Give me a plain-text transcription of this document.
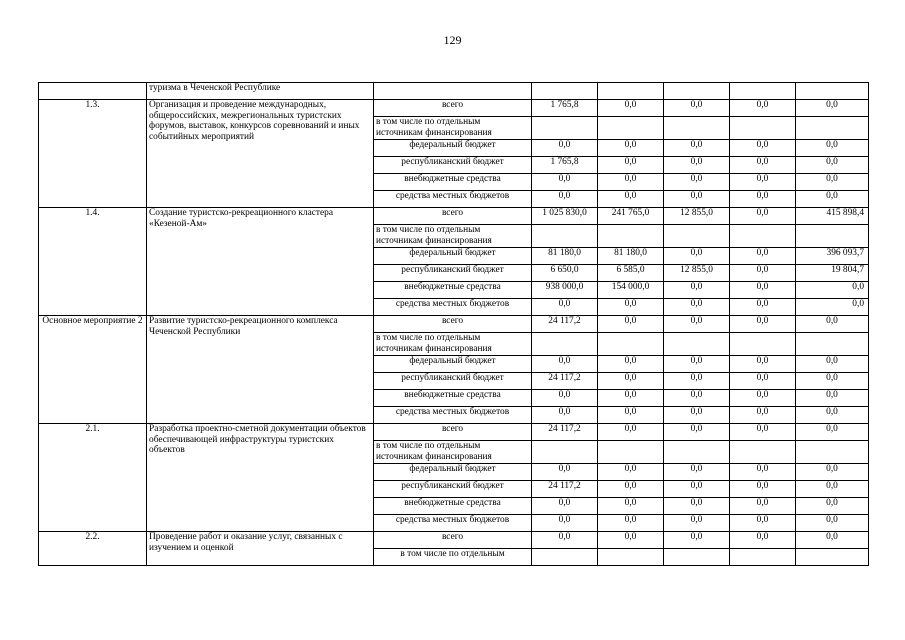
129
	туризма в Чеченской Республике						
1.3.	Организация и проведение международных, общероссийских, межрегиональных туристских форумов, выставок, конкурсов соревнований и иных событийных мероприятий	всего	1 765,8	0,0	0,0	0,0	0,0
		в том числе по отдельным источникам финансирования					
		федеральный бюджет	0,0	0,0	0,0	0,0	0,0
		республиканский бюджет	1 765,8	0,0	0,0	0,0	0,0
		внебюджетные средства	0,0	0,0	0,0	0,0	0,0
		средства местных бюджетов	0,0	0,0	0,0	0,0	0,0
1.4.	Создание туристско-рекреационного кластера «Кезеной-Ам»	всего	1 025 830,0	241 765,0	12 855,0	0,0	415 898,4
		в том числе по отдельным источникам финансирования					
		федеральный бюджет	81 180,0	81 180,0	0,0	0,0	396 093,7
		республиканский бюджет	6 650,0	6 585,0	12 855,0	0,0	19 804,7
		внебюджетные средства	938 000,0	154 000,0	0,0	0,0	0,0
		средства местных бюджетов	0,0	0,0	0,0	0,0	0,0
Основное мероприятие 2	Развитие туристско-рекреационного комплекса Чеченской Республики	всего	24 117,2	0,0	0,0	0,0	0,0
		в том числе по отдельным источникам финансирования					
		федеральный бюджет	0,0	0,0	0,0	0,0	0,0
		республиканский бюджет	24 117,2	0,0	0,0	0,0	0,0
		внебюджетные средства	0,0	0,0	0,0	0,0	0,0
		средства местных бюджетов	0,0	0,0	0,0	0,0	0,0
2.1.	Разработка проектно-сметной документации объектов обеспечивающей инфраструктуры туристских объектов	всего	24 117,2	0,0	0,0	0,0	0,0
		в том числе по отдельным источникам финансирования					
		федеральный бюджет	0,0	0,0	0,0	0,0	0,0
		республиканский бюджет	24 117,2	0,0	0,0	0,0	0,0
		внебюджетные средства	0,0	0,0	0,0	0,0	0,0
		средства местных бюджетов	0,0	0,0	0,0	0,0	0,0
2.2.	Проведение работ и оказание услуг, связанных с изучением и оценкой	всего	0,0	0,0	0,0	0,0	0,0
		в том числе по отдельным					
